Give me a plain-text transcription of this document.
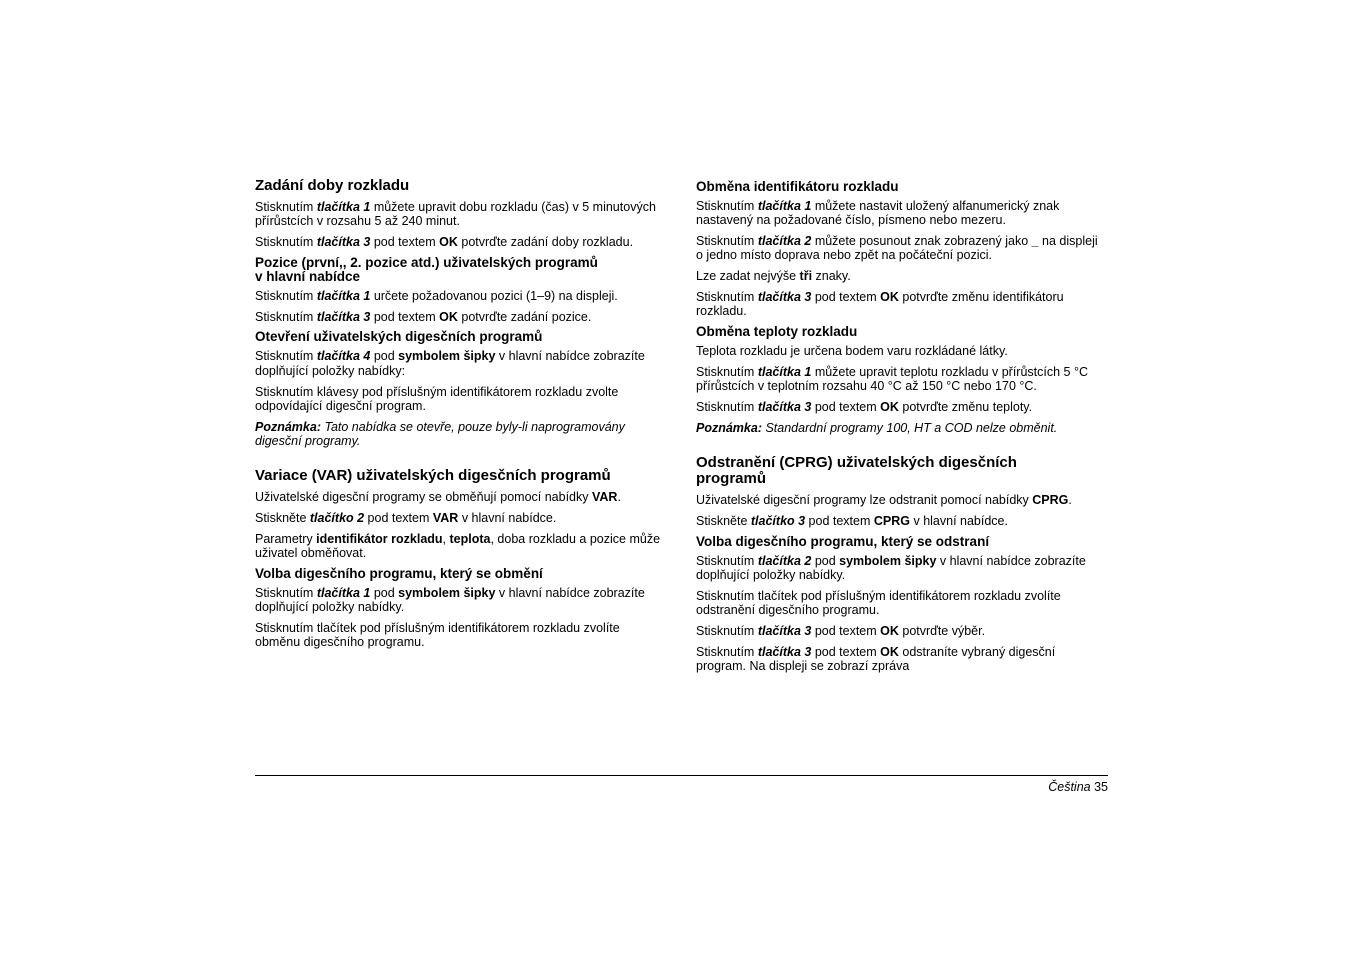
Zadání doby rozkladu

Stisknutím tlačítka 1 můžete upravit dobu rozkladu (čas) v 5 minutových přírůstcích v rozsahu 5 až 240 minut.

Stisknutím tlačítka 3 pod textem OK potvrďte zadání doby rozkladu.

Pozice (první,, 2. pozice atd.) uživatelských programů
v hlavní nabídce

Stisknutím tlačítka 1 určete požadovanou pozici (1–9) na displeji.

Stisknutím tlačítka 3 pod textem OK potvrďte zadání pozice.

Otevření uživatelských digesčních programů

Stisknutím tlačítka 4 pod symbolem šipky v hlavní nabídce zobrazíte doplňující položky nabídky:

Stisknutím klávesy pod příslušným identifikátorem rozkladu zvolte odpovídající digesční program.

Poznámka: Tato nabídka se otevře, pouze byly-li naprogramovány digesční programy.

Variace (VAR) uživatelských digesčních programů

Uživatelské digesční programy se obměňují pomocí nabídky VAR.

Stiskněte tlačítko 2 pod textem VAR v hlavní nabídce.

Parametry identifikátor rozkladu, teplota, doba rozkladu a pozice může uživatel obměňovat.

Volba digesčního programu, který se obmění

Stisknutím tlačítka 1 pod symbolem šipky v hlavní nabídce zobrazíte doplňující položky nabídky.

Stisknutím tlačítek pod příslušným identifikátorem rozkladu zvolíte obměnu digesčního programu.

Obměna identifikátoru rozkladu

Stisknutím tlačítka 1 můžete nastavit uložený alfanumerický znak nastavený na požadované číslo, písmeno nebo mezeru.

Stisknutím tlačítka 2 můžete posunout znak zobrazený jako _ na displeji o jedno místo doprava nebo zpět na počáteční pozici.

Lze zadat nejvýše tři znaky.

Stisknutím tlačítka 3 pod textem OK potvrďte změnu identifikátoru rozkladu.

Obměna teploty rozkladu

Teplota rozkladu je určena bodem varu rozkládané látky.

Stisknutím tlačítka 1 můžete upravit teplotu rozkladu v přírůstcích 5 °C přírůstcích v teplotním rozsahu 40 °C až 150 °C nebo 170 °C.

Stisknutím tlačítka 3 pod textem OK potvrďte změnu teploty.

Poznámka: Standardní programy 100, HT a COD nelze obměnit.

Odstranění (CPRG) uživatelských digesčních
programů

Uživatelské digesční programy lze odstranit pomocí nabídky CPRG.

Stiskněte tlačítko 3 pod textem CPRG v hlavní nabídce.

Volba digesčního programu, který se odstraní

Stisknutím tlačítka 2 pod symbolem šipky v hlavní nabídce zobrazíte doplňující položky nabídky.

Stisknutím tlačítek pod příslušným identifikátorem rozkladu zvolíte odstranění digesčního programu.

Stisknutím tlačítka 3 pod textem OK potvrďte výběr.

Stisknutím tlačítka 3 pod textem OK odstraníte vybraný digesční program. Na displeji se zobrazí zpráva

Čeština 35
